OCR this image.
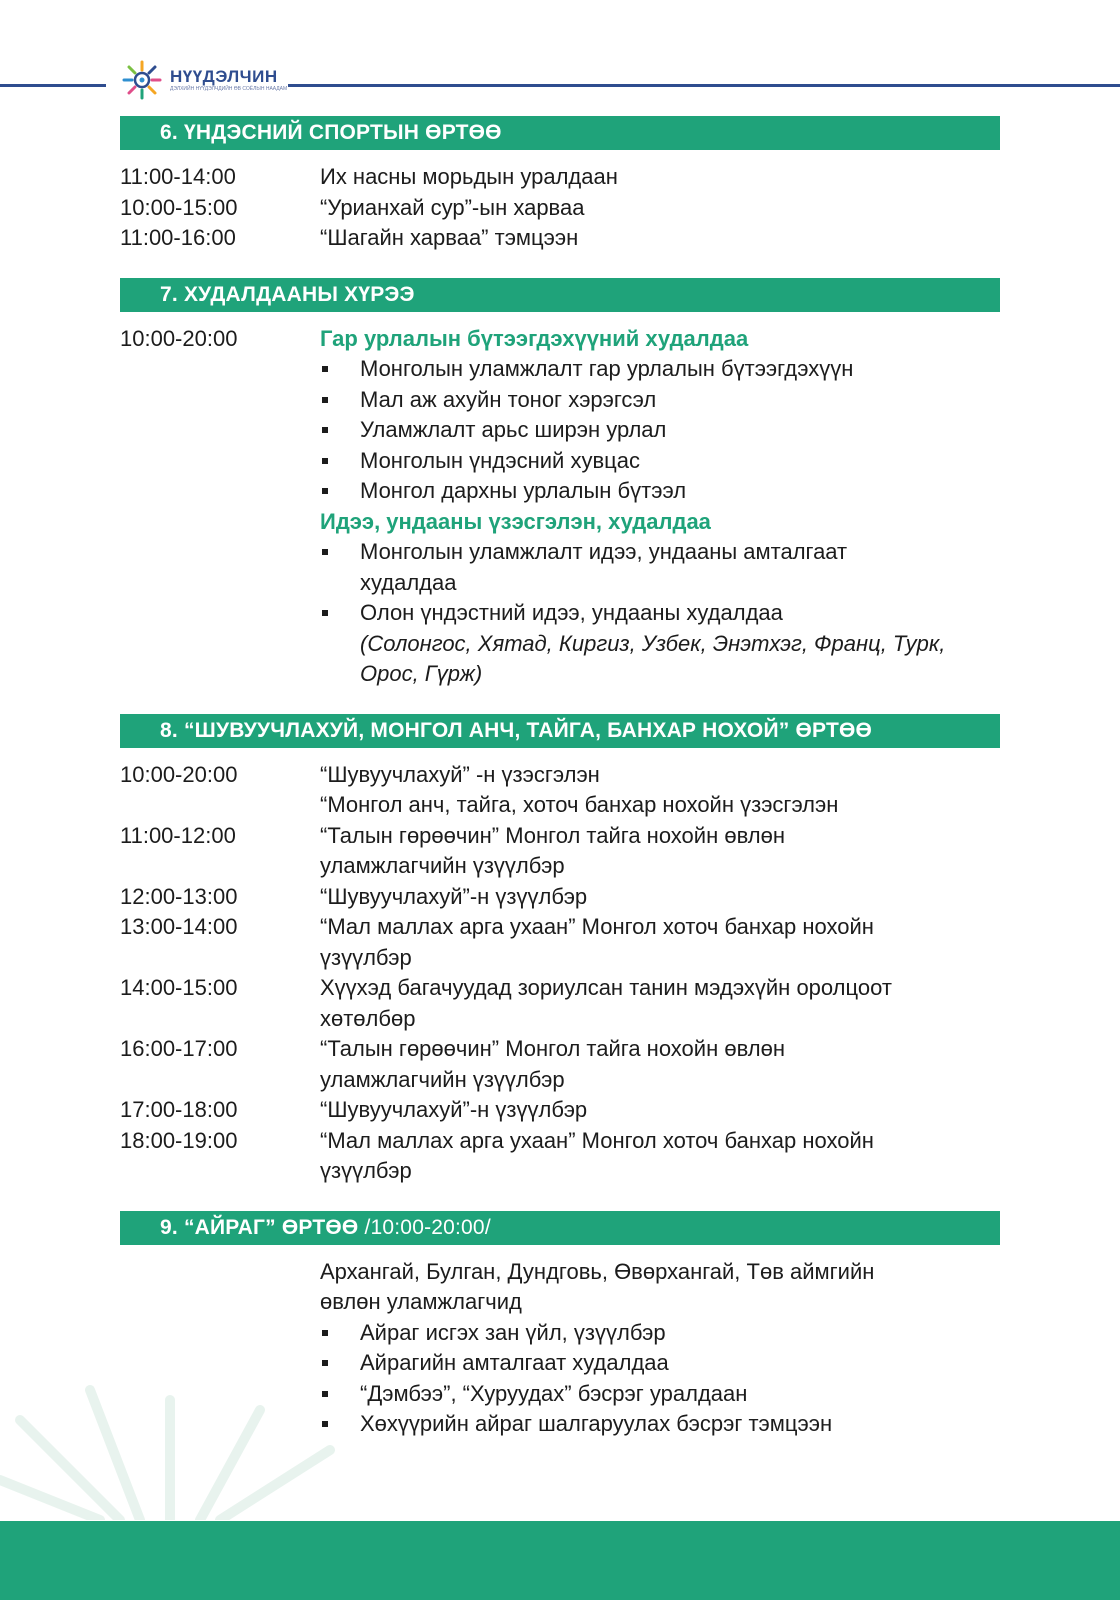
НҮҮДЭЛЧИН
ДЭЛХИЙН НҮҮДЭЛЧДИЙН ӨВ СОЁЛЫН НААДАМ
6. ҮНДЭСНИЙ СПОРТЫН ӨРТӨӨ
11:00-14:00	Их насны морьдын уралдаан
10:00-15:00	“Урианхай сур”-ын харваа
11:00-16:00	“Шагайн харваа” тэмцээн
7. ХУДАЛДААНЫ ХҮРЭЭ
10:00-20:00	Гар урлалын бүтээгдэхүүний худалдаа
Монголын уламжлалт гар урлалын бүтээгдэхүүн
Мал аж ахуйн тоног хэрэгсэл
Уламжлалт арьс ширэн урлал
Монголын үндэсний хувцас
Монгол дархны урлалын бүтээл
Идээ, ундааны үзэсгэлэн, худалдаа
Монголын уламжлалт идээ, ундааны амталгаат худалдаа
Олон үндэстний идээ, ундааны худалдаа
(Солонгос, Хятад, Киргиз, Узбек, Энэтхэг, Франц, Турк,
Орос, Гүрж)
8. “ШУВУУЧЛАХУЙ, МОНГОЛ АНЧ, ТАЙГА, БАНХАР НОХОЙ” ӨРТӨӨ
10:00-20:00	“Шувуучлахуй” -н үзэсгэлэн
“Монгол анч, тайга, хоточ банхар нохойн үзэсгэлэн
11:00-12:00	“Талын гөрөөчин” Монгол тайга нохойн өвлөн
уламжлагчийн үзүүлбэр
12:00-13:00	“Шувуучлахуй”-н үзүүлбэр
13:00-14:00	“Мал маллах арга ухаан” Монгол хоточ банхар нохойн
үзүүлбэр
14:00-15:00	Хүүхэд багачуудад зориулсан танин мэдэхүйн оролцоот
хөтөлбөр
16:00-17:00	“Талын гөрөөчин” Монгол тайга нохойн өвлөн
уламжлагчийн үзүүлбэр
17:00-18:00	“Шувуучлахуй”-н үзүүлбэр
18:00-19:00	“Мал маллах арга ухаан” Монгол хоточ банхар нохойн
үзүүлбэр
9. “АЙРАГ” ӨРТӨӨ /10:00-20:00/
Архангай, Булган, Дундговь, Өвөрхангай, Төв аймгийн
өвлөн уламжлагчид
Айраг исгэх зан үйл, үзүүлбэр
Айрагийн амталгаат худалдаа
“Дэмбээ”, “Хуруудах” бэсрэг уралдаан
Хөхүүрийн айраг шалгаруулах бэсрэг тэмцээн
